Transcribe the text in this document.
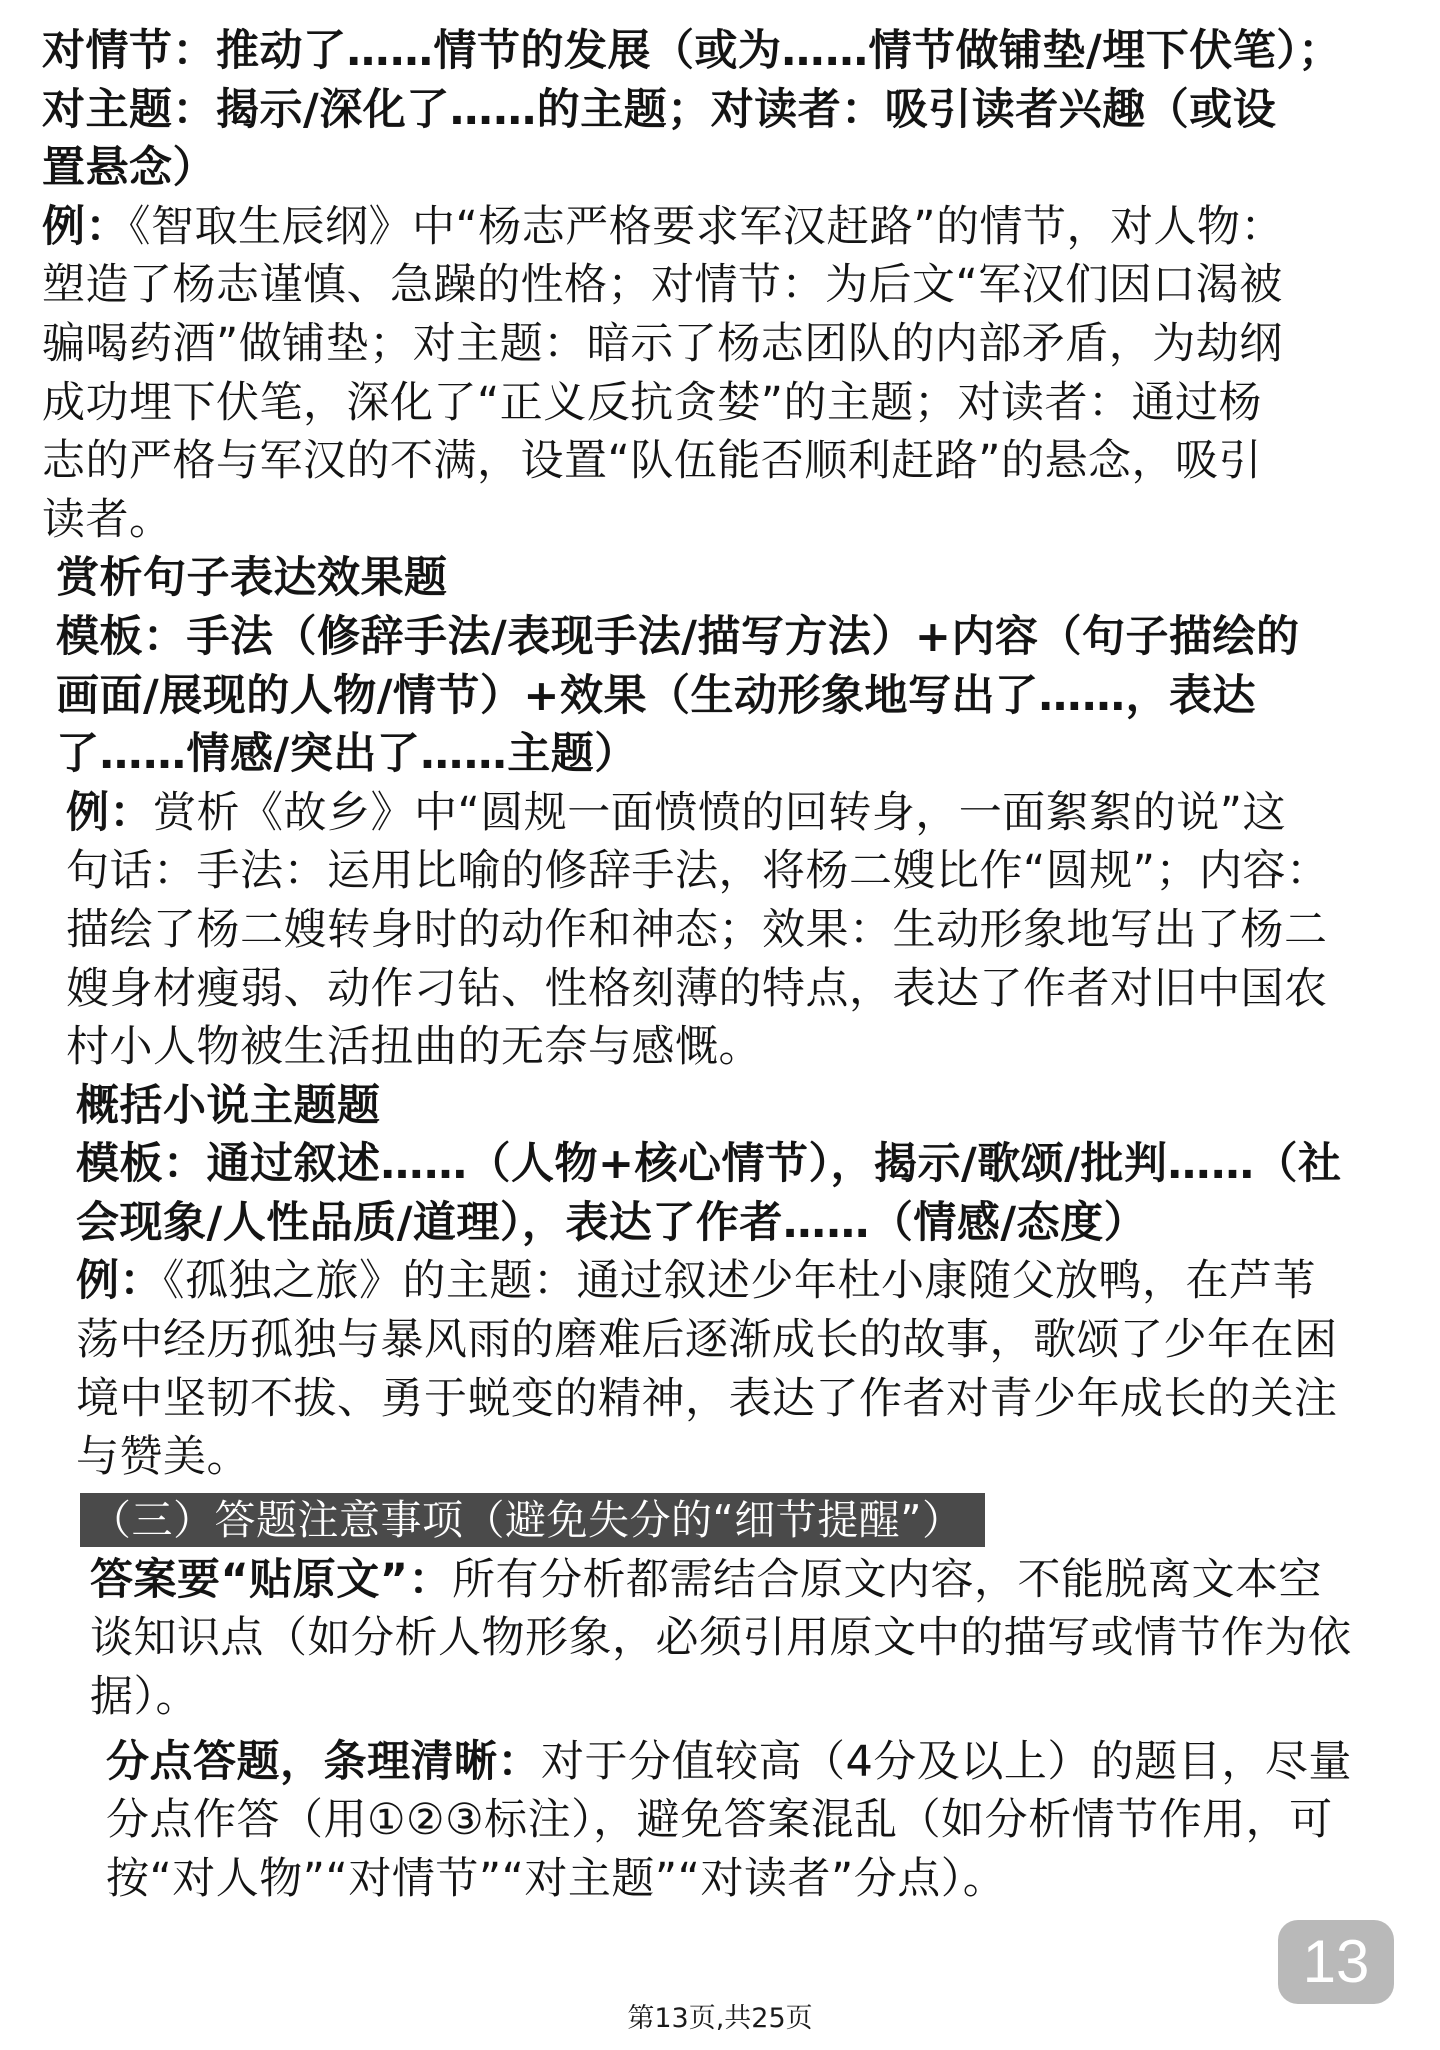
对情节：推动了……情节的发展（或为……情节做铺垫/埋下伏笔）；
对主题：揭示/深化了……的主题；对读者：吸引读者兴趣（或设
置悬念）
例：《智取生辰纲》中“杨志严格要求军汉赶路”的情节，对人物：
塑造了杨志谨慎、急躁的性格；对情节：为后文“军汉们因口渴被
骗喝药酒”做铺垫；对主题：暗示了杨志团队的内部矛盾，为劫纲
成功埋下伏笔，深化了“正义反抗贪婪”的主题；对读者：通过杨
志的严格与军汉的不满，设置“队伍能否顺利赶路”的悬念，吸引
读者。
赏析句子表达效果题
模板：手法（修辞手法/表现手法/描写方法）+内容（句子描绘的
画面/展现的人物/情节）+效果（生动形象地写出了……，表达
了……情感/突出了……主题）
例：赏析《故乡》中“圆规一面愤愤的回转身，一面絮絮的说”这
句话：手法：运用比喻的修辞手法，将杨二嫂比作“圆规”；内容：
描绘了杨二嫂转身时的动作和神态；效果：生动形象地写出了杨二
嫂身材瘦弱、动作刁钻、性格刻薄的特点，表达了作者对旧中国农
村小人物被生活扭曲的无奈与感慨。
概括小说主题题
模板：通过叙述……（人物+核心情节），揭示/歌颂/批判……（社
会现象/人性品质/道理），表达了作者……（情感/态度）
例：《孤独之旅》的主题：通过叙述少年杜小康随父放鸭，在芦苇
荡中经历孤独与暴风雨的磨难后逐渐成长的故事，歌颂了少年在困
境中坚韧不拔、勇于蜕变的精神，表达了作者对青少年成长的关注
与赞美。
（三）答题注意事项（避免失分的“细节提醒”）
答案要“贴原文”：所有分析都需结合原文内容，不能脱离文本空
谈知识点（如分析人物形象，必须引用原文中的描写或情节作为依
据）。
分点答题，条理清晰：对于分值较高（4分及以上）的题目，尽量
分点作答（用①②③标注），避免答案混乱（如分析情节作用，可
按“对人物”“对情节”“对主题”“对读者”分点）。
13
第13页,共25页
